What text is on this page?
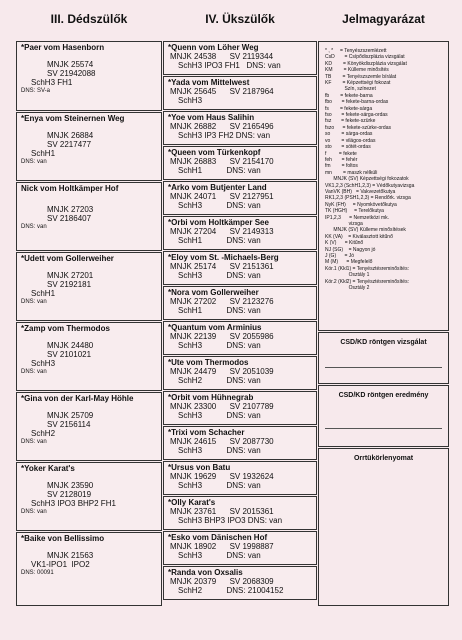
III. Dédszülők	IV. Ükszülők	Jelmagyarázat
*Paer vom Hasenborn
MNJK 25574
SV 21942088
SchH3 FH1
DNS: SV-a
*Enya vom Steinernen Weg
MNJK 26884
SV 2217477
SchH1
DNS: van
Nick vom Holtkämper Hof
MNJK 27203
SV 2186407
DNS: van
*Udett vom Gollerweiher
MNJK 27201
SV 2192181
SchH1
DNS: van
*Zamp vom Thermodos
MNJK 24480
SV 2101021
SchH3
DNS: van
*Gina von der Karl-May Höhle
MNJK 25709
SV 2156114
SchH2
DNS: van
*Yoker Karat's
MNJK 23590
SV 2128019
SchH3 IPO3 BHP2 FH1
DNS: van
*Baike von Bellissimo
MNJK 21563
VK1-IPO1  IPO2
DNS: 00091
*Quenn vom Löher Weg
MNJK 24538      SV 2119344
SchH3 IPO3 FH1   DNS: van
*Yada vom Mittelwest
MNJK 25645      SV 2187964
SchH3
*Yoe vom Haus Salihin
MNJK 26882      SV 2165496
SchH3 IP3 FH2 DNS: van
*Queen vom Türkenkopf
MNJK 26883      SV 2154170
SchH1           DNS: van
*Arko vom Butjenter Land
MNJK 24071      SV 2127951
SchH3           DNS: van
*Orbi vom Holtkämper See
MNJK 27204      SV 2149313
SchH1           DNS: van
*Eloy vom St. -Michaels-Berg
MNJK 25174      SV 2151361
SchH3           DNS: van
*Nora vom Gollerweiher
MNJK 27202      SV 2123276
SchH1           DNS: van
*Quantum vom Arminius
MNJK 22139      SV 2055986
SchH3           DNS: van
*Ute vom Thermodos
MNJK 24479      SV 2051039
SchH2           DNS: van
*Orbit vom Hühnegrab
MNJK 23300      SV 2107789
SchH3           DNS: van
*Trixi vom Schacher
MNJK 24615      SV 2087730
SchH3           DNS: van
*Ursus von Batu
MNJK 19629      SV 1932624
SchH3           DNS: van
*Olly Karat's
MNJK 23761      SV 2015361
SchH3 BHP3 IPO3 DNS: van
*Esko vom Dänischen Hof
MNJK 18902      SV 1998887
SchH3           DNS: van
*Randa von Oxsalis
MNJK 20379      SV 2068309
SchH2           DNS: 21004152
* , *     = Tenyészszemlézett
CsD       = Csípődiszplázia vizsgálat
KD        = Könyökdiszplázia vizsgálat
KM        = Külleme minősítés
TB        = Tenyészszemle bírálat
KF        = Képzettségi fokozat
Szín, színezet
fb        = fekete-barna
fbo       = fekete-barna-ordas
fs        = fekete-sárga
fso       = fekete-sárga-ordas
fsz       = fekete-szürke
fszo      = fekete-szürke-ordas
so        = sárga-ordas
vo        = világos-ordas
sto       = sötét-ordas
f         = fekete
feh       = fehér
fm        = foltos
mn        = maszk nélküli
MNJK (SV) Képzettségi fokozatok
VK1,2,3 (SchH1,2,3) = Védőkutyavizsga
VanVK (BH)   = Vakvezetőkutya
RK1,2,3 (PSH1,2,3) = Rendőrk. vizsga
NyK (FH)     = Nyomkövetőkutya
TK (HGH)     = Terelőkutya
IP1,2,3      = Nemzetközi mk.
vizsga
MNJK (SV) Külleme minősítések
KK (VA)    = Kiválasztott kitűnő
K (V)      = Kitűnő
NJ (SG)    = Nagyon jó
J (G)      = Jó
M (M)      = Megfelelő
Kör.1 (Kkl1) = Tenyésztésreminősítés:
Osztály 1
Kör.2 (Kkl2) = Tenyésztésreminősítés:
Osztály 2
CSD/KD röntgen vizsgálat
CSD/KD röntgen eredmény
Orrtükörlenyomat
